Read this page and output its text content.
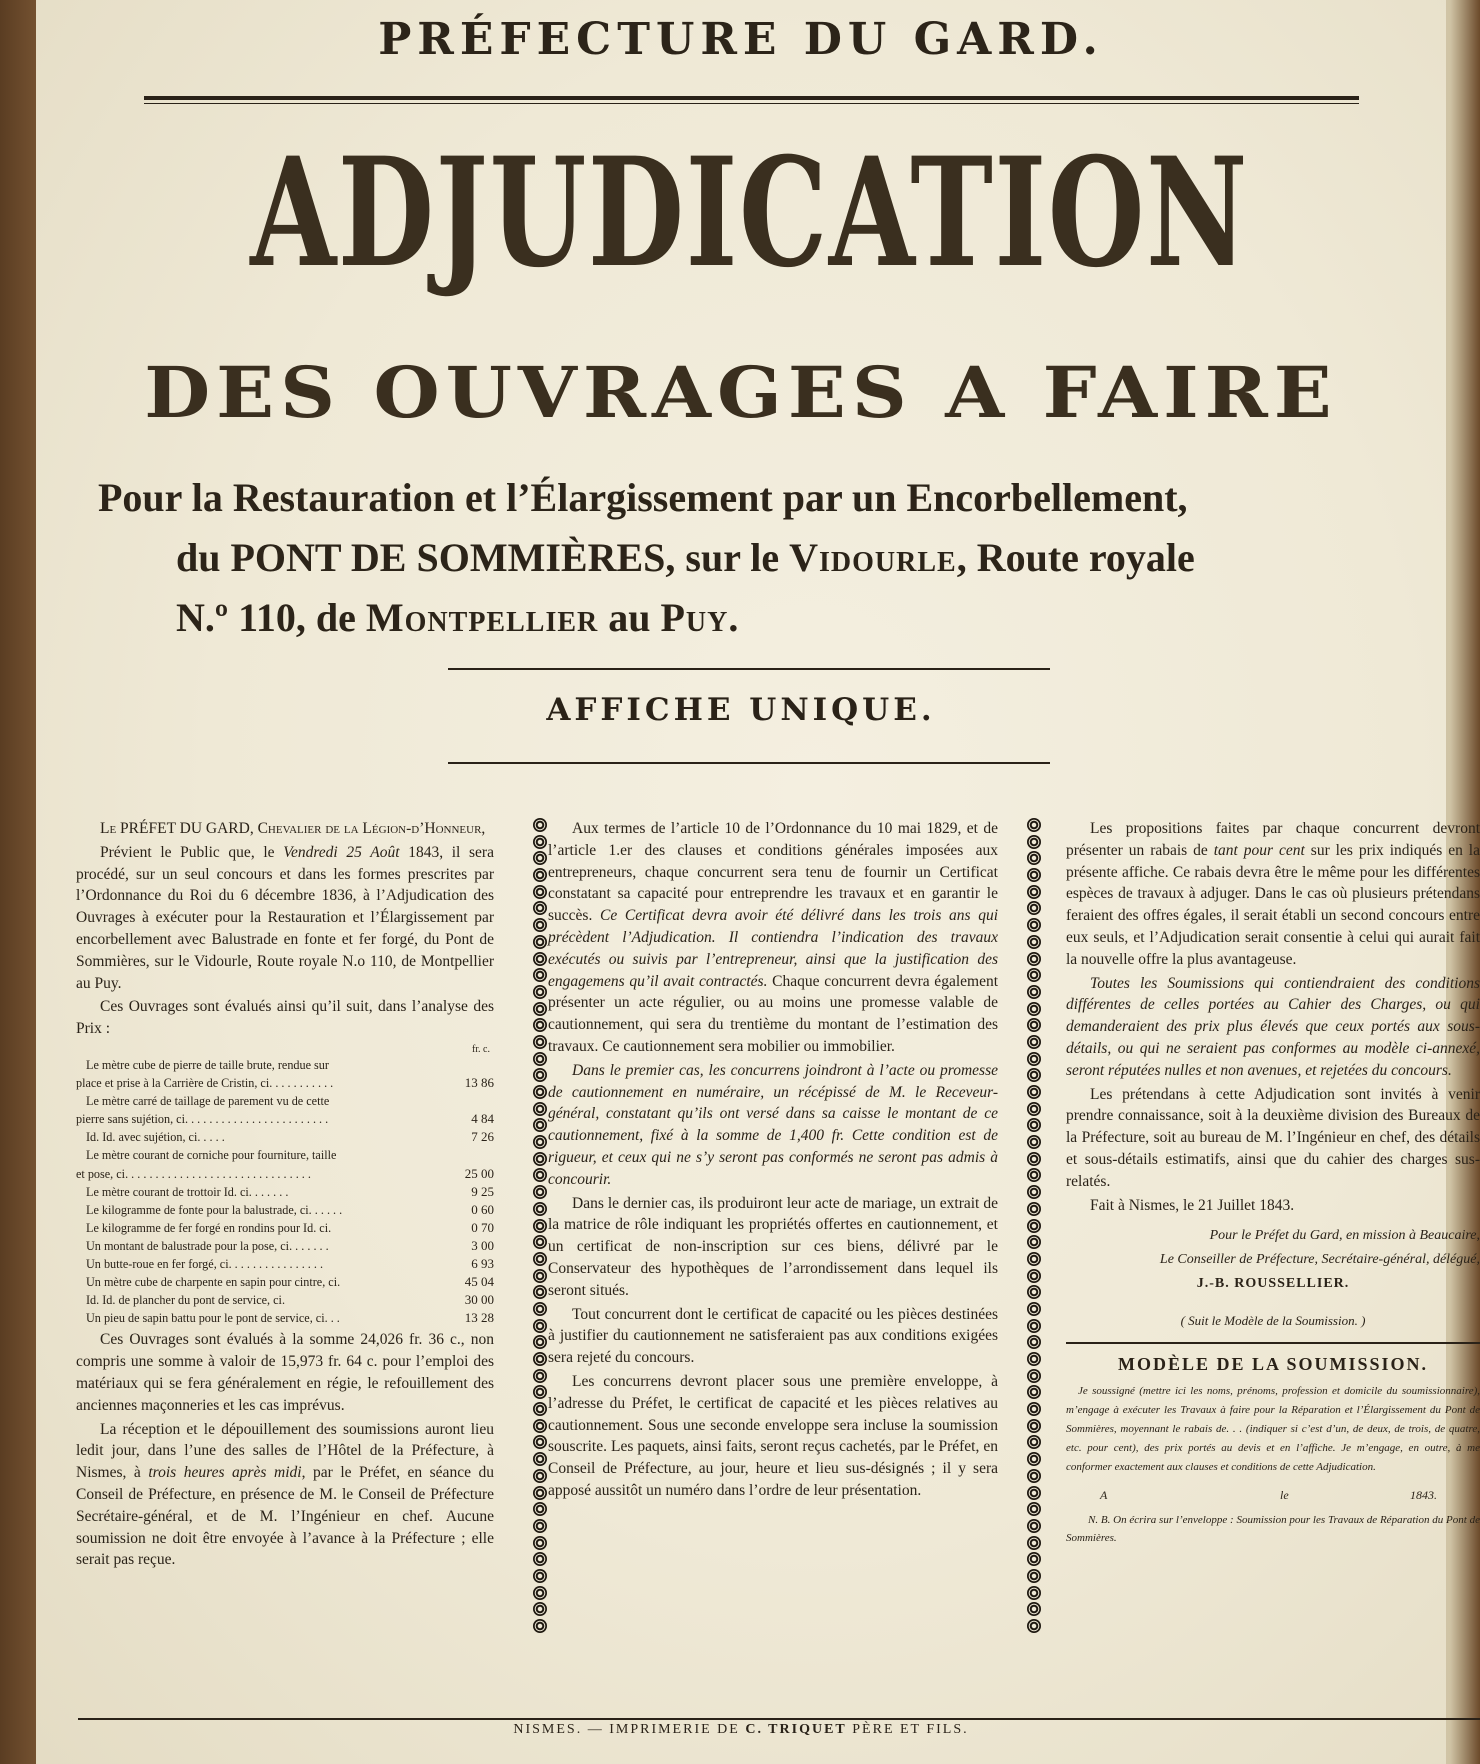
PRÉFECTURE DU GARD.
ADJUDICATION
DES OUVRAGES A FAIRE
Pour la Restauration et l’Élargissement par un Encorbellement,
du PONT DE SOMMIÈRES, sur le Vidourle, Route royale
N.º 110, de Montpellier au Puy.
AFFICHE UNIQUE.

Le PRÉFET DU GARD, Chevalier de la Légion-d’Honneur,

Prévient le Public que, le Vendredi 25 Août 1843, il sera procédé, sur un seul concours et dans les formes prescrites par l’Ordonnance du Roi du 6 décembre 1836, à l’Adjudication des Ouvrages à exécuter pour la Restauration et l’Élargissement par encorbellement avec Balustrade en fonte et fer forgé, du Pont de Sommières, sur le Vidourle, Route royale N.o 110, de Montpellier au Puy.

Ces Ouvrages sont évalués ainsi qu’il suit, dans l’analyse des Prix :

fr. c.
Le mètre cube de pierre de taille brute, rendue sur
place et prise à la Carrière de Cristin, ci. . . . . . . . . . .	13 86
Le mètre carré de taillage de parement vu de cette
pierre sans sujétion, ci. . . . . . . . . . . . . . . . . . . . . . . .	4 84
Id. Id. avec sujétion, ci. . . . .	7 26
Le mètre courant de corniche pour fourniture, taille
et pose, ci. . . . . . . . . . . . . . . . . . . . . . . . . . . . . . .	25 00
Le mètre courant de trottoir Id. ci. . . . . . .	9 25
Le kilogramme de fonte pour la balustrade, ci. . . . . .	0 60
Le kilogramme de fer forgé en rondins pour Id. ci.	0 70
Un montant de balustrade pour la pose, ci. . . . . . .	3 00
Un butte-roue en fer forgé, ci. . . . . . . . . . . . . . . .	6 93
Un mètre cube de charpente en sapin pour cintre, ci.	45 04
Id. Id. de plancher du pont de service, ci.	30 00
Un pieu de sapin battu pour le pont de service, ci. . .	13 28

Ces Ouvrages sont évalués à la somme 24,026 fr. 36 c., non compris une somme à valoir de 15,973 fr. 64 c. pour l’emploi des matériaux qui se fera généralement en régie, le refouillement des anciennes maçonneries et les cas imprévus.

La réception et le dépouillement des soumissions auront lieu ledit jour, dans l’une des salles de l’Hôtel de la Préfecture, à Nismes, à trois heures après midi, par le Préfet, en séance du Conseil de Préfecture, en présence de M. le Conseil de Préfecture Secrétaire-général, et de M. l’Ingénieur en chef. Aucune soumission ne doit être envoyée à l’avance à la Préfecture ; elle serait pas reçue.

Aux termes de l’article 10 de l’Ordonnance du 10 mai 1829, et de l’article 1.er des clauses et conditions générales imposées aux entrepreneurs, chaque concurrent sera tenu de fournir un Certificat constatant sa capacité pour entreprendre les travaux et en garantir le succès. Ce Certificat devra avoir été délivré dans les trois ans qui précèdent l’Adjudication. Il contiendra l’indication des travaux exécutés ou suivis par l’entrepreneur, ainsi que la justification des engagemens qu’il avait contractés. Chaque concurrent devra également présenter un acte régulier, ou au moins une promesse valable de cautionnement, qui sera du trentième du montant de l’estimation des travaux. Ce cautionnement sera mobilier ou immobilier.

Dans le premier cas, les concurrens joindront à l’acte ou promesse de cautionnement en numéraire, un récépissé de M. le Receveur-général, constatant qu’ils ont versé dans sa caisse le montant de ce cautionnement, fixé à la somme de 1,400 fr. Cette condition est de rigueur, et ceux qui ne s’y seront pas conformés ne seront pas admis à concourir.

Dans le dernier cas, ils produiront leur acte de mariage, un extrait de la matrice de rôle indiquant les propriétés offertes en cautionnement, et un certificat de non-inscription sur ces biens, délivré par le Conservateur des hypothèques de l’arrondissement dans lequel ils seront situés.

Tout concurrent dont le certificat de capacité ou les pièces destinées à justifier du cautionnement ne satisferaient pas aux conditions exigées sera rejeté du concours.

Les concurrens devront placer sous une première enveloppe, à l’adresse du Préfet, le certificat de capacité et les pièces relatives au cautionnement. Sous une seconde enveloppe sera incluse la soumission souscrite. Les paquets, ainsi faits, seront reçus cachetés, par le Préfet, en Conseil de Préfecture, au jour, heure et lieu sus-désignés ; il y sera apposé aussitôt un numéro dans l’ordre de leur présentation.

Les propositions faites par chaque concurrent devront présenter un rabais de tant pour cent sur les prix indiqués en la présente affiche. Ce rabais devra être le même pour les différentes espèces de travaux à adjuger. Dans le cas où plusieurs prétendans feraient des offres égales, il serait établi un second concours entre eux seuls, et l’Adjudication serait consentie à celui qui aurait fait la nouvelle offre la plus avantageuse.

Toutes les Soumissions qui contiendraient des conditions différentes de celles portées au Cahier des Charges, ou qui demanderaient des prix plus élevés que ceux portés aux sous-détails, ou qui ne seraient pas conformes au modèle ci-annexé, seront réputées nulles et non avenues, et rejetées du concours.

Les prétendans à cette Adjudication sont invités à venir prendre connaissance, soit à la deuxième division des Bureaux de la Préfecture, soit au bureau de M. l’Ingénieur en chef, des détails et sous-détails estimatifs, ainsi que du cahier des charges sus-relatés.

Fait à Nismes, le 21 Juillet 1843.

Pour le Préfet du Gard, en mission à Beaucaire,
Le Conseiller de Préfecture, Secrétaire-général, délégué,
J.-B. ROUSSELLIER.

( Suit le Modèle de la Soumission. )

MODÈLE DE LA SOUMISSION.
Je soussigné (mettre ici les noms, prénoms, profession et domicile du soumissionnaire), m’engage à exécuter les Travaux à faire pour la Réparation et l’Élargissement du Pont de Sommières, moyennant le rabais de. . . (indiquer si c’est d’un, de deux, de trois, de quatre, etc. pour cent), des prix portés au devis et en l’affiche. Je m’engage, en outre, à me conformer exactement aux clauses et conditions de cette Adjudication.
A	le	1843.
N. B. On écrira sur l’enveloppe : Soumission pour les Travaux de Réparation du Pont de Sommières.
NISMES. — IMPRIMERIE DE C. TRIQUET PÈRE ET FILS.
